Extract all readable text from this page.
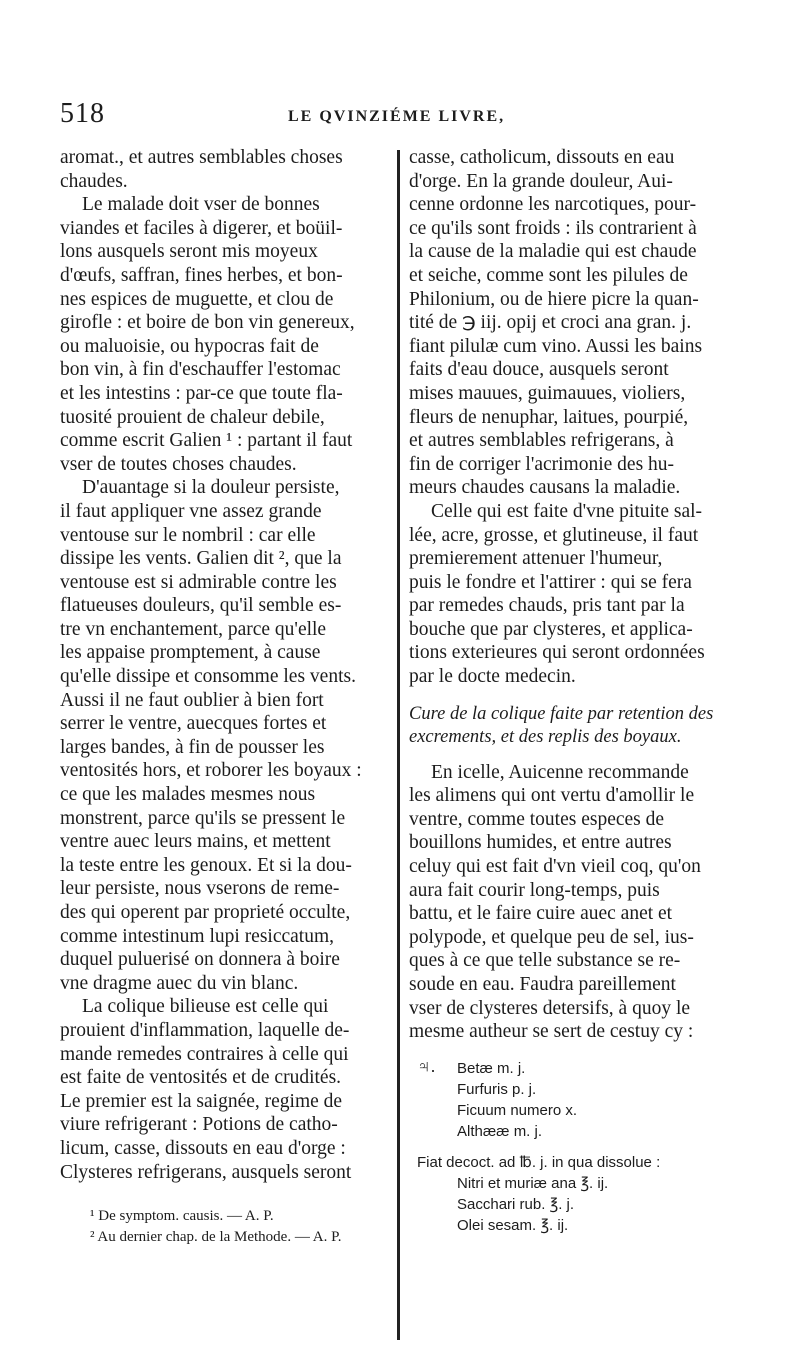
518	LE QVINZIÉME LIVRE,

aromat., et autres semblables choses
chaudes.

Le malade doit vser de bonnes
viandes et faciles à digerer, et boüil-
lons ausquels seront mis moyeux
d'œufs, saffran, fines herbes, et bon-
nes espices de muguette, et clou de
girofle : et boire de bon vin genereux,
ou maluoisie, ou hypocras fait de
bon vin, à fin d'eschauffer l'estomac
et les intestins : par-ce que toute fla-
tuosité prouient de chaleur debile,
comme escrit Galien ¹ : partant il faut
vser de toutes choses chaudes.

D'auantage si la douleur persiste,
il faut appliquer vne assez grande
ventouse sur le nombril : car elle
dissipe les vents. Galien dit ², que la
ventouse est si admirable contre les
flatueuses douleurs, qu'il semble es-
tre vn enchantement, parce qu'elle
les appaise promptement, à cause
qu'elle dissipe et consomme les vents.
Aussi il ne faut oublier à bien fort
serrer le ventre, auecques fortes et
larges bandes, à fin de pousser les
ventosités hors, et roborer les boyaux :
ce que les malades mesmes nous
monstrent, parce qu'ils se pressent le
ventre auec leurs mains, et mettent
la teste entre les genoux. Et si la dou-
leur persiste, nous vserons de reme-
des qui operent par proprieté occulte,
comme intestinum lupi resiccatum,
duquel puluerisé on donnera à boire
vne dragme auec du vin blanc.

La colique bilieuse est celle qui
prouient d'inflammation, laquelle de-
mande remedes contraires à celle qui
est faite de ventosités et de crudités.
Le premier est la saignée, regime de
viure refrigerant : Potions de catho-
licum, casse, dissouts en eau d'orge :
Clysteres refrigerans, ausquels seront

casse, catholicum, dissouts en eau
d'orge. En la grande douleur, Aui-
cenne ordonne les narcotiques, pour-
ce qu'ils sont froids : ils contrarient à
la cause de la maladie qui est chaude
et seiche, comme sont les pilules de
Philonium, ou de hiere picre la quan-
tité de ℈ iij. opij et croci ana gran. j.
fiant pilulæ cum vino. Aussi les bains
faits d'eau douce, ausquels seront
mises mauues, guimauues, violiers,
fleurs de nenuphar, laitues, pourpié,
et autres semblables refrigerans, à
fin de corriger l'acrimonie des hu-
meurs chaudes causans la maladie.

Celle qui est faite d'vne pituite sal-
lée, acre, grosse, et glutineuse, il faut
premierement attenuer l'humeur,
puis le fondre et l'attirer : qui se fera
par remedes chauds, pris tant par la
bouche que par clysteres, et applica-
tions exterieures qui seront ordonnées
par le docte medecin.

Cure de la colique faite par retention des
excrements, et des replis des boyaux.

En icelle, Auicenne recommande
les alimens qui ont vertu d'amollir le
ventre, comme toutes especes de
bouillons humides, et entre autres
celuy qui est fait d'vn vieil coq, qu'on
aura fait courir long-temps, puis
battu, et le faire cuire auec anet et
polypode, et quelque peu de sel, ius-
ques à ce que telle substance se re-
soude en eau. Faudra pareillement
vser de clysteres detersifs, à quoy le
mesme autheur se sert de cestuy cy :

♃. Betæ m. j.
Furfuris p. j.
Ficuum numero x.
Althææ m. j.
Fiat decoct. ad ℔. j. in qua dissolue :
Nitri et muriæ ana ℥. ij.
Sacchari rub. ℥. j.
Olei sesam. ℥. ij.
¹ De symptom. causis. — A. P.
² Au dernier chap. de la Methode. — A. P.
